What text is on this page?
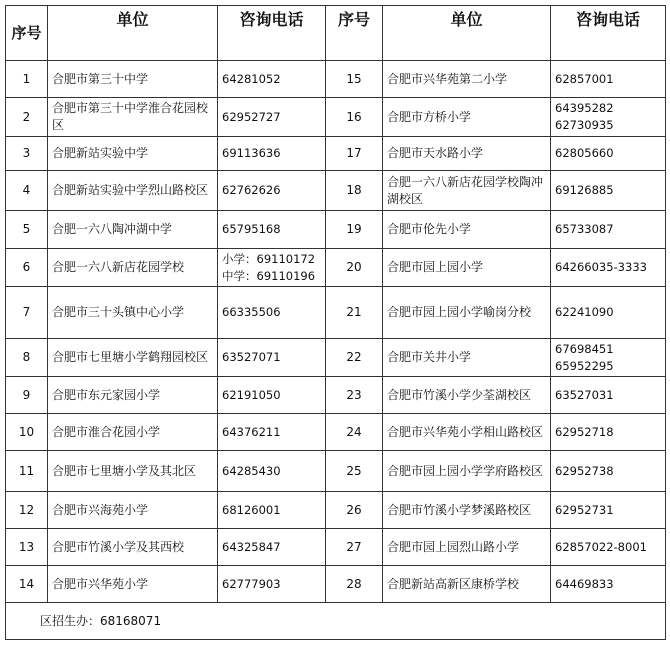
序号	单位	咨询电话	序号	单位	咨询电话
1	合肥市第三十中学	64281052	15	合肥市兴华苑第二小学	62857001

2	合肥市第三十中学淮合花园校区	62952727	16	合肥市方桥小学	64395282
62730935

3	合肥新站实验中学	69113636	17	合肥市天水路小学	62805660

4	合肥新站实验中学烈山路校区	62762626	18	合肥一六八新店花园学校陶冲湖校区	69126885

5	合肥一六八陶冲湖中学	65795168	19	合肥市伦先小学	65733087

6	合肥一六八新店花园学校	小学：69110172
中学：69110196	20	合肥市园上园小学	64266035-3333

7	合肥市三十头镇中心小学	66335506	21	合肥市园上园小学喻岗分校	62241090

8	合肥市七里塘小学鹤翔园校区	63527071	22	合肥市关井小学	67698451
65952295

9	合肥市东元家园小学	62191050	23	合肥市竹溪小学少荃湖校区	63527031

10	合肥市淮合花园小学	64376211	24	合肥市兴华苑小学相山路校区	62952718

11	合肥市七里塘小学及其北区	64285430	25	合肥市园上园小学学府路校区	62952738

12	合肥市兴海苑小学	68126001	26	合肥市竹溪小学梦溪路校区	62952731

13	合肥市竹溪小学及其西校	64325847	27	合肥市园上园烈山路小学	62857022-8001

14	合肥市兴华苑小学	62777903	28	合肥新站高新区康桥学校	64469833

区招生办：68168071					
